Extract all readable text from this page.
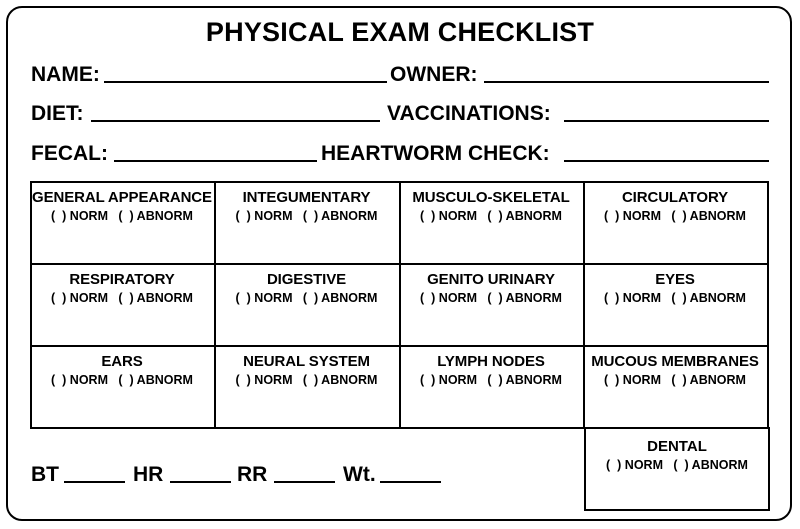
PHYSICAL EXAM CHECKLIST
NAME:	OWNER:
DIET:	VACCINATIONS:
FECAL:	HEARTWORM CHECK:
GENERAL APPEARANCE
(  ) NORM   (  ) ABNORM
INTEGUMENTARY
(  ) NORM   (  ) ABNORM
MUSCULO-SKELETAL
(  ) NORM   (  ) ABNORM
CIRCULATORY
(  ) NORM   (  ) ABNORM
RESPIRATORY
(  ) NORM   (  ) ABNORM
DIGESTIVE
(  ) NORM   (  ) ABNORM
GENITO URINARY
(  ) NORM   (  ) ABNORM
EYES
(  ) NORM   (  ) ABNORM
EARS
(  ) NORM   (  ) ABNORM
NEURAL SYSTEM
(  ) NORM   (  ) ABNORM
LYMPH NODES
(  ) NORM   (  ) ABNORM
MUCOUS MEMBRANES
(  ) NORM   (  ) ABNORM
DENTAL
(  ) NORM   (  ) ABNORM
BT	HR	RR	Wt.
